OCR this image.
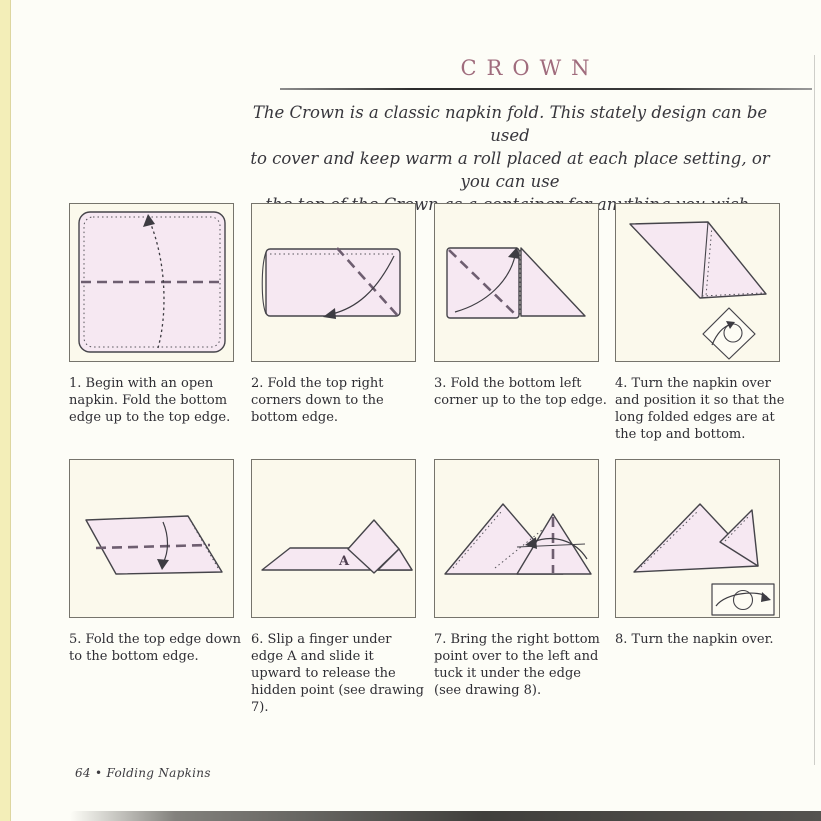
CROWN
The Crown is a classic napkin fold. This stately design can be used
to cover and keep warm a roll placed at each place setting, or you can use
1. Begin with an open napkin. Fold the bottom edge up to the top edge.
2. Fold the top right corners down to the bottom edge.
3. Fold the bottom left corner up to the top edge.
4. Turn the napkin over and position it so that the long folded edges are at the top and bottom.
5. Fold the top edge down to the bottom edge.
A
6. Slip a finger under edge A and slide it upward to release the hidden point (see drawing 7).
7. Bring the right bottom point over to the left and tuck it under the edge (see drawing 8).
8. Turn the napkin over.
64 • Folding Napkins
